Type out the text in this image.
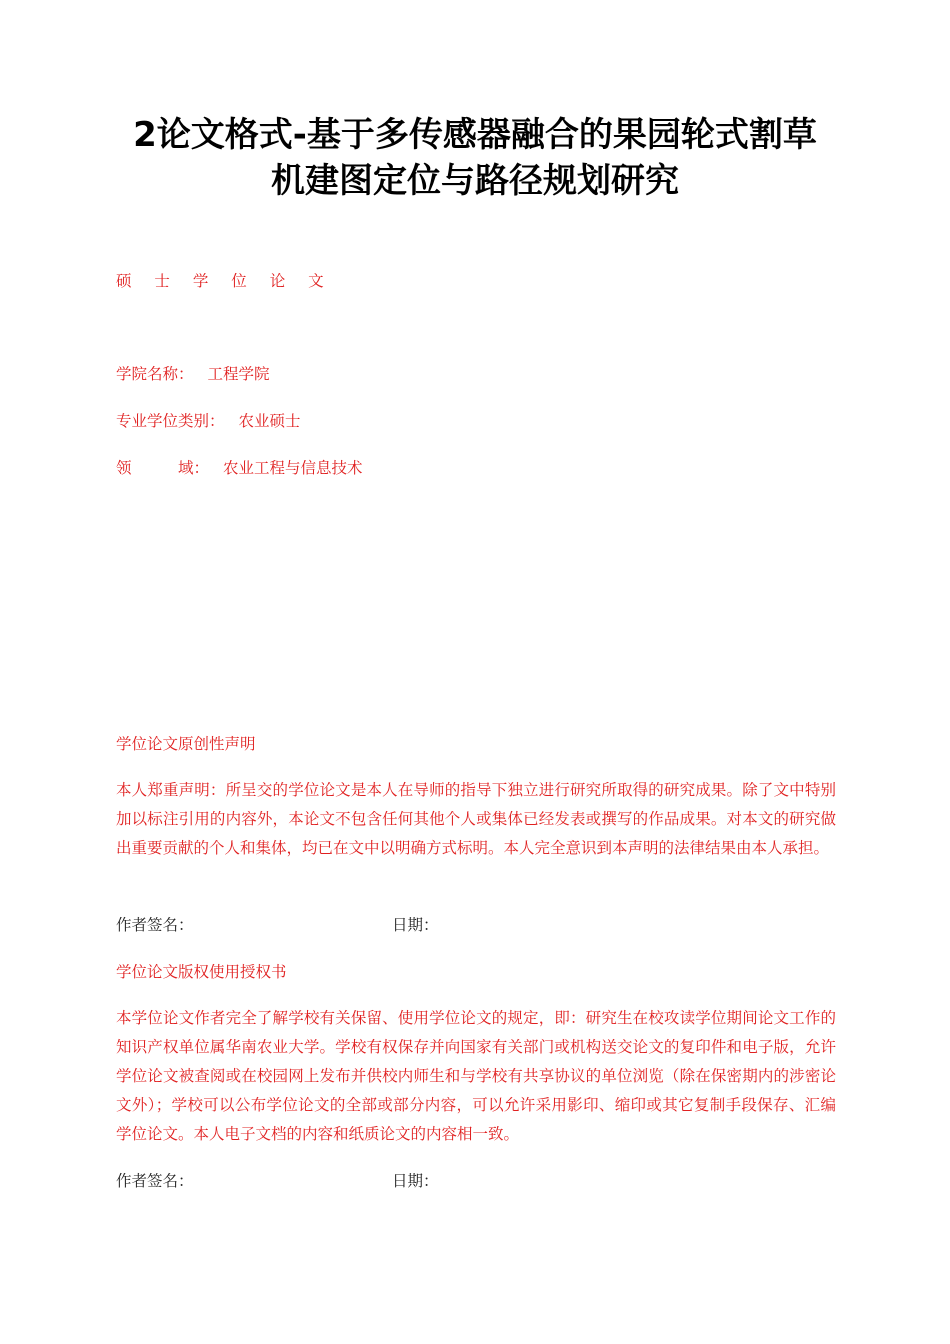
2论文格式-基于多传感器融合的果园轮式割草
机建图定位与路径规划研究
硕 士 学 位 论 文
学院名称： 工程学院
专业学位类别： 农业硕士
领　　　域： 农业工程与信息技术
学位论文原创性声明
本人郑重声明：所呈交的学位论文是本人在导师的指导下独立进行研究所取得的研究成果。除了文中特别加以标注引用的内容外，本论文不包含任何其他个人或集体已经发表或撰写的作品成果。对本文的研究做出重要贡献的个人和集体，均已在文中以明确方式标明。本人完全意识到本声明的法律结果由本人承担。
作者签名：	日期：
学位论文版权使用授权书
本学位论文作者完全了解学校有关保留、使用学位论文的规定，即：研究生在校攻读学位期间论文工作的知识产权单位属华南农业大学。学校有权保存并向国家有关部门或机构送交论文的复印件和电子版，允许学位论文被查阅或在校园网上发布并供校内师生和与学校有共享协议的单位浏览（除在保密期内的涉密论文外）；学校可以公布学位论文的全部或部分内容，可以允许采用影印、缩印或其它复制手段保存、汇编学位论文。本人电子文档的内容和纸质论文的内容相一致。
作者签名：	日期：
